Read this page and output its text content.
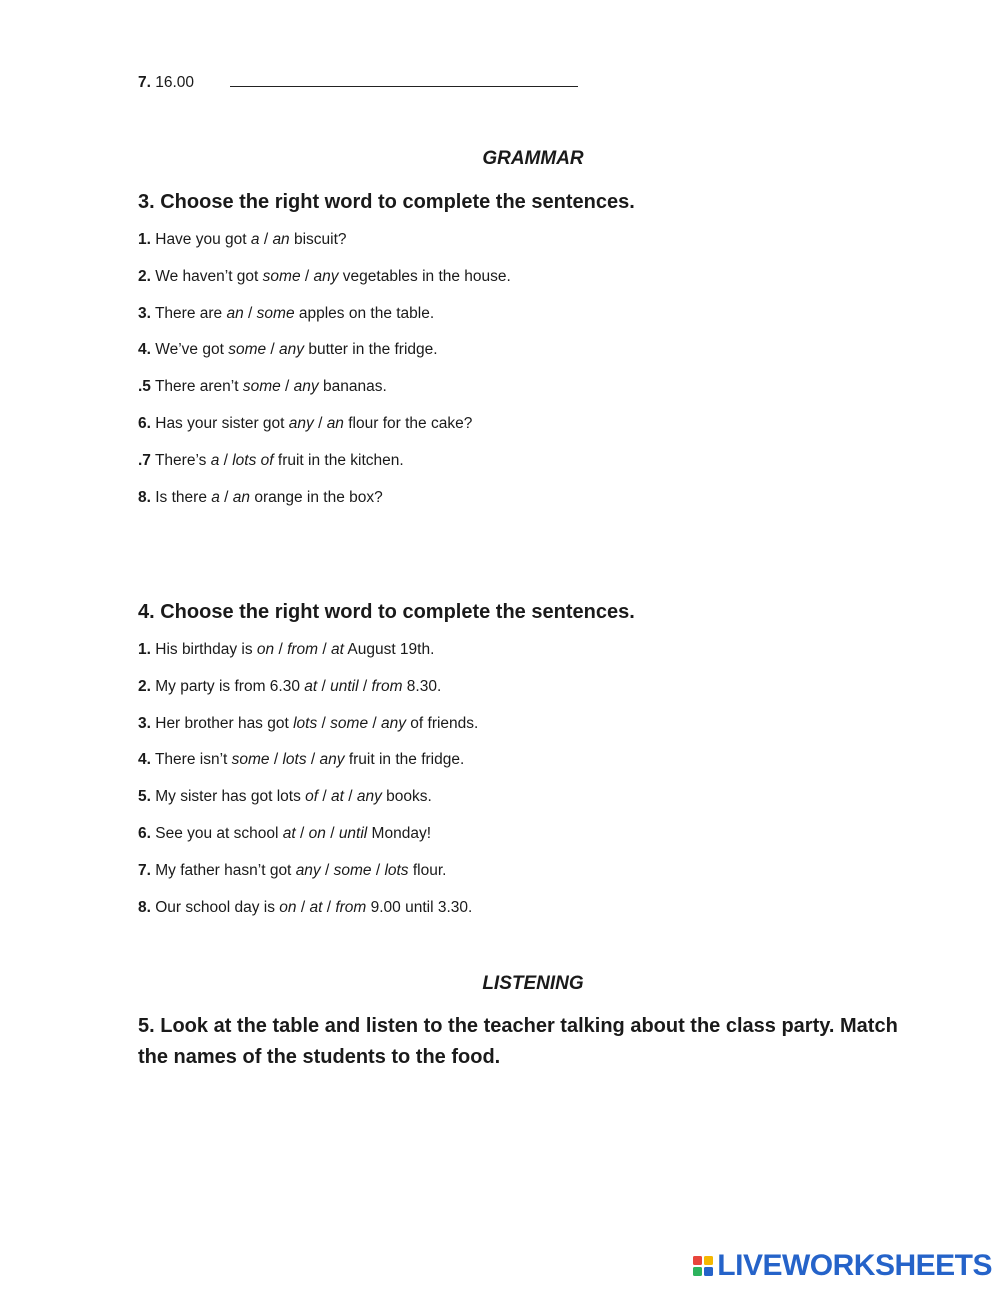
7. 16.00
GRAMMAR
3. Choose the right word to complete the sentences.
1. Have you got a / an biscuit?
2. We haven’t got some / any vegetables in the house.
3. There are an / some apples on the table.
4. We’ve got some / any butter in the fridge.
.5 There aren’t some / any bananas.
6. Has your sister got any / an flour for the cake?
.7 There’s a / lots of fruit in the kitchen.
8. Is there a / an orange in the box?
4. Choose the right word to complete the sentences.
1. His birthday is on / from / at August 19th.
2. My party is from 6.30 at / until / from 8.30.
3. Her brother has got lots / some / any of friends.
4. There isn’t some / lots / any fruit in the fridge.
5. My sister has got lots of / at / any books.
6. See you at school at / on / until Monday!
7. My father hasn’t got any / some / lots flour.
8. Our school day is on / at / from 9.00 until 3.30.
LISTENING
5. Look at the table and listen to the teacher talking about the class party. Match the names of the students to the food.
LIVEWORKSHEETS
